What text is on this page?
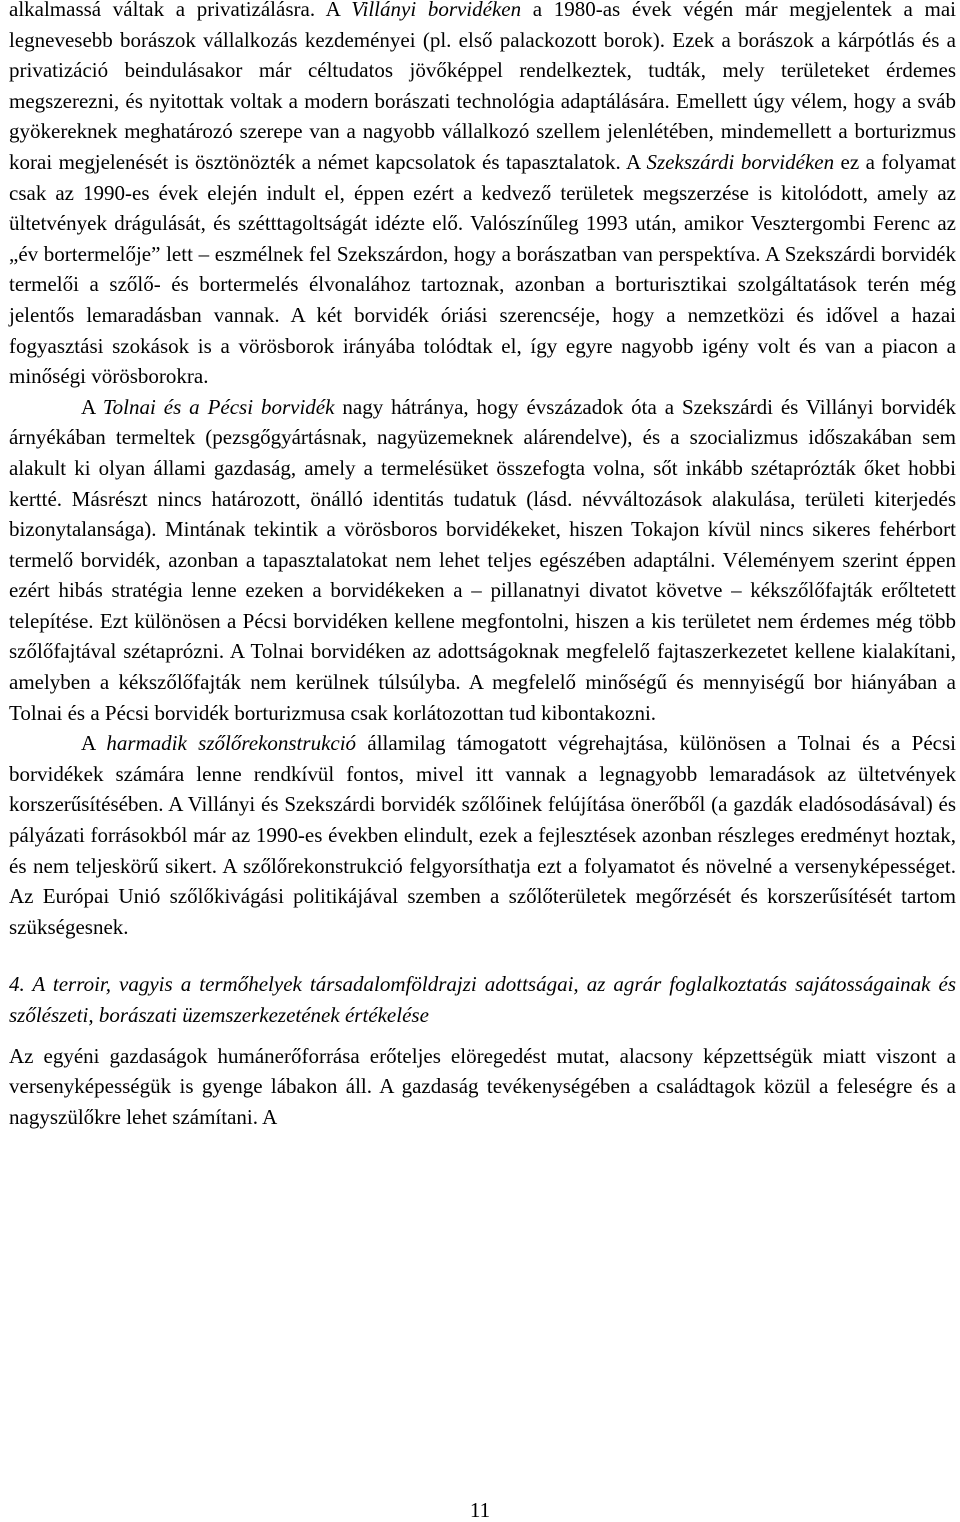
alkalmassá váltak a privatizálásra. A Villányi borvidéken a 1980-as évek végén már megjelentek a mai legnevesebb borászok vállalkozás kezdeményei (pl. első palackozott borok). Ezek a borászok a kárpótlás és a privatizáció beindulásakor már céltudatos jövőképpel rendelkeztek, tudták, mely területeket érdemes megszerezni, és nyitottak voltak a modern borászati technológia adaptálására. Emellett úgy vélem, hogy a sváb gyökereknek meghatározó szerepe van a nagyobb vállalkozó szellem jelenlétében, mindemellett a borturizmus korai megjelenését is ösztönözték a német kapcsolatok és tapasztalatok. A Szekszárdi borvidéken ez a folyamat csak az 1990-es évek elején indult el, éppen ezért a kedvező területek megszerzése is kitolódott, amely az ültetvények drágulását, és szétttagoltságát idézte elő. Valószínűleg 1993 után, amikor Vesztergombi Ferenc az „év bortermelője” lett – eszmélnek fel Szekszárdon, hogy a borászatban van perspektíva. A Szekszárdi borvidék termelői a szőlő- és bortermelés élvonalához tartoznak, azonban a borturisztikai szolgáltatások terén még jelentős lemaradásban vannak. A két borvidék óriási szerencséje, hogy a nemzetközi és idővel a hazai fogyasztási szokások is a vörösborok irányába tolódtak el, így egyre nagyobb igény volt és van a piacon a minőségi vörösborokra.

A Tolnai és a Pécsi borvidék nagy hátránya, hogy évszázadok óta a Szekszárdi és Villányi borvidék árnyékában termeltek (pezsgőgyártásnak, nagyüzemeknek alárendelve), és a szocializmus időszakában sem alakult ki olyan állami gazdaság, amely a termelésüket összefogta volna, sőt inkább szétaprózták őket hobbi kertté. Másrészt nincs határozott, önálló identitás tudatuk (lásd. névváltozások alakulása, területi kiterjedés bizonytalansága). Mintának tekintik a vörösboros borvidékeket, hiszen Tokajon kívül nincs sikeres fehérbort termelő borvidék, azonban a tapasztalatokat nem lehet teljes egészében adaptálni. Véleményem szerint éppen ezért hibás stratégia lenne ezeken a borvidékeken a – pillanatnyi divatot követve – kékszőlőfajták erőltetett telepítése. Ezt különösen a Pécsi borvidéken kellene megfontolni, hiszen a kis területet nem érdemes még több szőlőfajtával szétaprózni. A Tolnai borvidéken az adottságoknak megfelelő fajtaszerkezetet kellene kialakítani, amelyben a kékszőlőfajták nem kerülnek túlsúlyba. A megfelelő minőségű és mennyiségű bor hiányában a Tolnai és a Pécsi borvidék borturizmusa csak korlátozottan tud kibontakozni.

A harmadik szőlőrekonstrukció államilag támogatott végrehajtása, különösen a Tolnai és a Pécsi borvidékek számára lenne rendkívül fontos, mivel itt vannak a legnagyobb lemaradások az ültetvények korszerűsítésében. A Villányi és Szekszárdi borvidék szőlőinek felújítása önerőből (a gazdák eladósodásával) és pályázati forrásokból már az 1990-es években elindult, ezek a fejlesztések azonban részleges eredményt hoztak, és nem teljeskörű sikert. A szőlőrekonstrukció felgyorsíthatja ezt a folyamatot és növelné a versenyképességet. Az Európai Unió szőlőkivágási politikájával szemben a szőlőterületek megőrzését és korszerűsítését tartom szükségesnek.

4. A terroir, vagyis a termőhelyek társadalomföldrajzi adottságai, az agrár foglalkoztatás sajátosságainak és szőlészeti, borászati üzemszerkezetének értékelése

Az egyéni gazdaságok humánerőforrása erőteljes elöregedést mutat, alacsony képzettségük miatt viszont a versenyképességük is gyenge lábakon áll. A gazdaság tevékenységében a családtagok közül a feleségre és a nagyszülőkre lehet számítani. A

11
